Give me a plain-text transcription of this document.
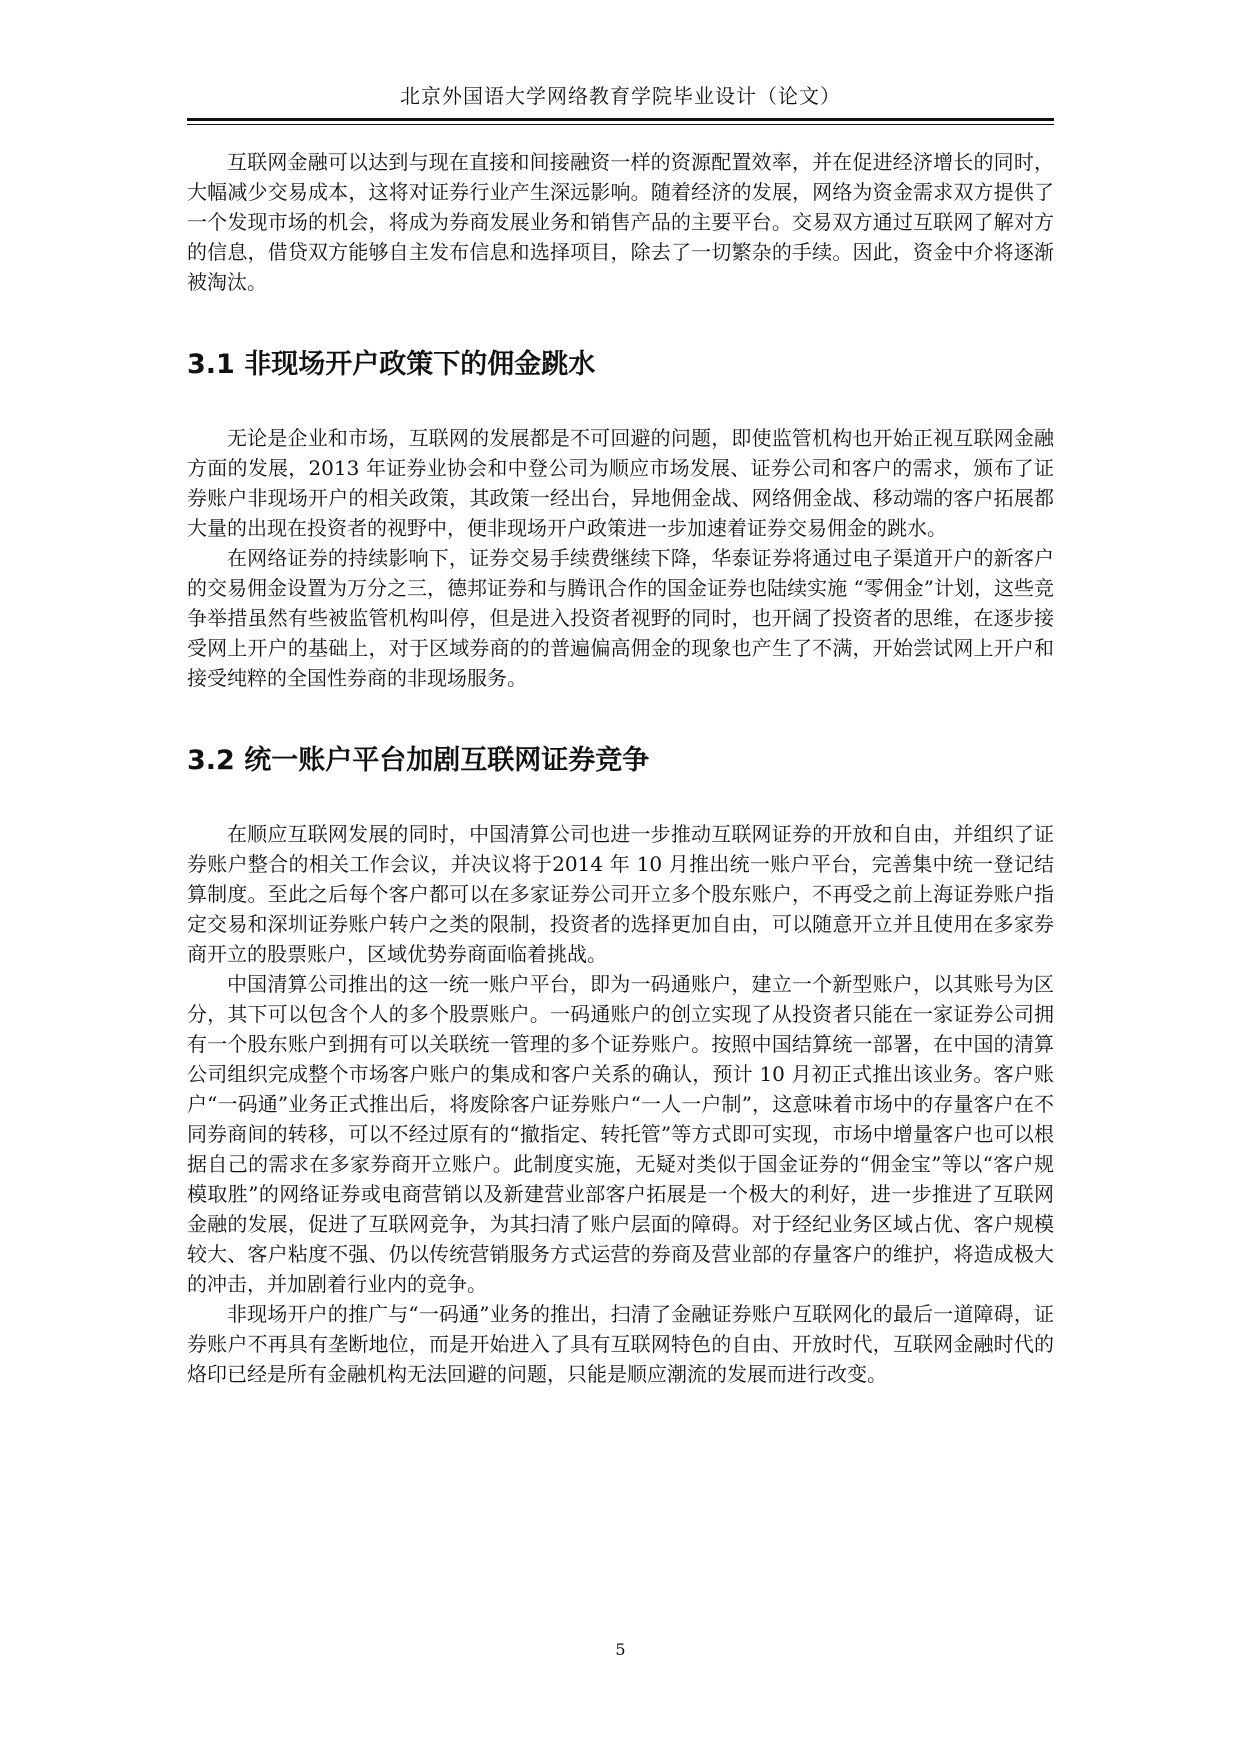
北京外国语大学网络教育学院毕业设计（论文）

互联网金融可以达到与现在直接和间接融资一样的资源配置效率，并在促进经济增长的同时，大幅减少交易成本，这将对证券行业产生深远影响。随着经济的发展，网络为资金需求双方提供了一个发现市场的机会，将成为券商发展业务和销售产品的主要平台。交易双方通过互联网了解对方的信息，借贷双方能够自主发布信息和选择项目，除去了一切繁杂的手续。因此，资金中介将逐渐被淘汰。

3.1 非现场开户政策下的佣金跳水

无论是企业和市场，互联网的发展都是不可回避的问题，即使监管机构也开始正视互联网金融方面的发展，2013 年证券业协会和中登公司为顺应市场发展、证券公司和客户的需求，颁布了证券账户非现场开户的相关政策，其政策一经出台，异地佣金战、网络佣金战、移动端的客户拓展都大量的出现在投资者的视野中，便非现场开户政策进一步加速着证券交易佣金的跳水。

在网络证券的持续影响下，证券交易手续费继续下降，华泰证券将通过电子渠道开户的新客户的交易佣金设置为万分之三，德邦证券和与腾讯合作的国金证券也陆续实施 “零佣金”计划，这些竞争举措虽然有些被监管机构叫停，但是进入投资者视野的同时，也开阔了投资者的思维，在逐步接受网上开户的基础上，对于区域券商的的普遍偏高佣金的现象也产生了不满，开始尝试网上开户和接受纯粹的全国性券商的非现场服务。

3.2 统一账户平台加剧互联网证券竞争

在顺应互联网发展的同时，中国清算公司也进一步推动互联网证券的开放和自由，并组织了证券账户整合的相关工作会议，并决议将于2014 年 10 月推出统一账户平台，完善集中统一登记结算制度。至此之后每个客户都可以在多家证券公司开立多个股东账户，不再受之前上海证券账户指定交易和深圳证券账户转户之类的限制，投资者的选择更加自由，可以随意开立并且使用在多家券商开立的股票账户，区域优势券商面临着挑战。

中国清算公司推出的这一统一账户平台，即为一码通账户，建立一个新型账户，以其账号为区分，其下可以包含个人的多个股票账户。一码通账户的创立实现了从投资者只能在一家证券公司拥有一个股东账户到拥有可以关联统一管理的多个证券账户。按照中国结算统一部署，在中国的清算公司组织完成整个市场客户账户的集成和客户关系的确认，预计 10 月初正式推出该业务。客户账户“一码通”业务正式推出后，将废除客户证券账户“一人一户制”，这意味着市场中的存量客户在不同券商间的转移，可以不经过原有的“撤指定、转托管”等方式即可实现，市场中增量客户也可以根据自己的需求在多家券商开立账户。此制度实施，无疑对类似于国金证券的“佣金宝”等以“客户规模取胜”的网络证券或电商营销以及新建营业部客户拓展是一个极大的利好，进一步推进了互联网金融的发展，促进了互联网竞争，为其扫清了账户层面的障碍。对于经纪业务区域占优、客户规模较大、客户粘度不强、仍以传统营销服务方式运营的券商及营业部的存量客户的维护，将造成极大的冲击，并加剧着行业内的竞争。

非现场开户的推广与“一码通”业务的推出，扫清了金融证券账户互联网化的最后一道障碍，证券账户不再具有垄断地位，而是开始进入了具有互联网特色的自由、开放时代，互联网金融时代的烙印已经是所有金融机构无法回避的问题，只能是顺应潮流的发展而进行改变。

5
